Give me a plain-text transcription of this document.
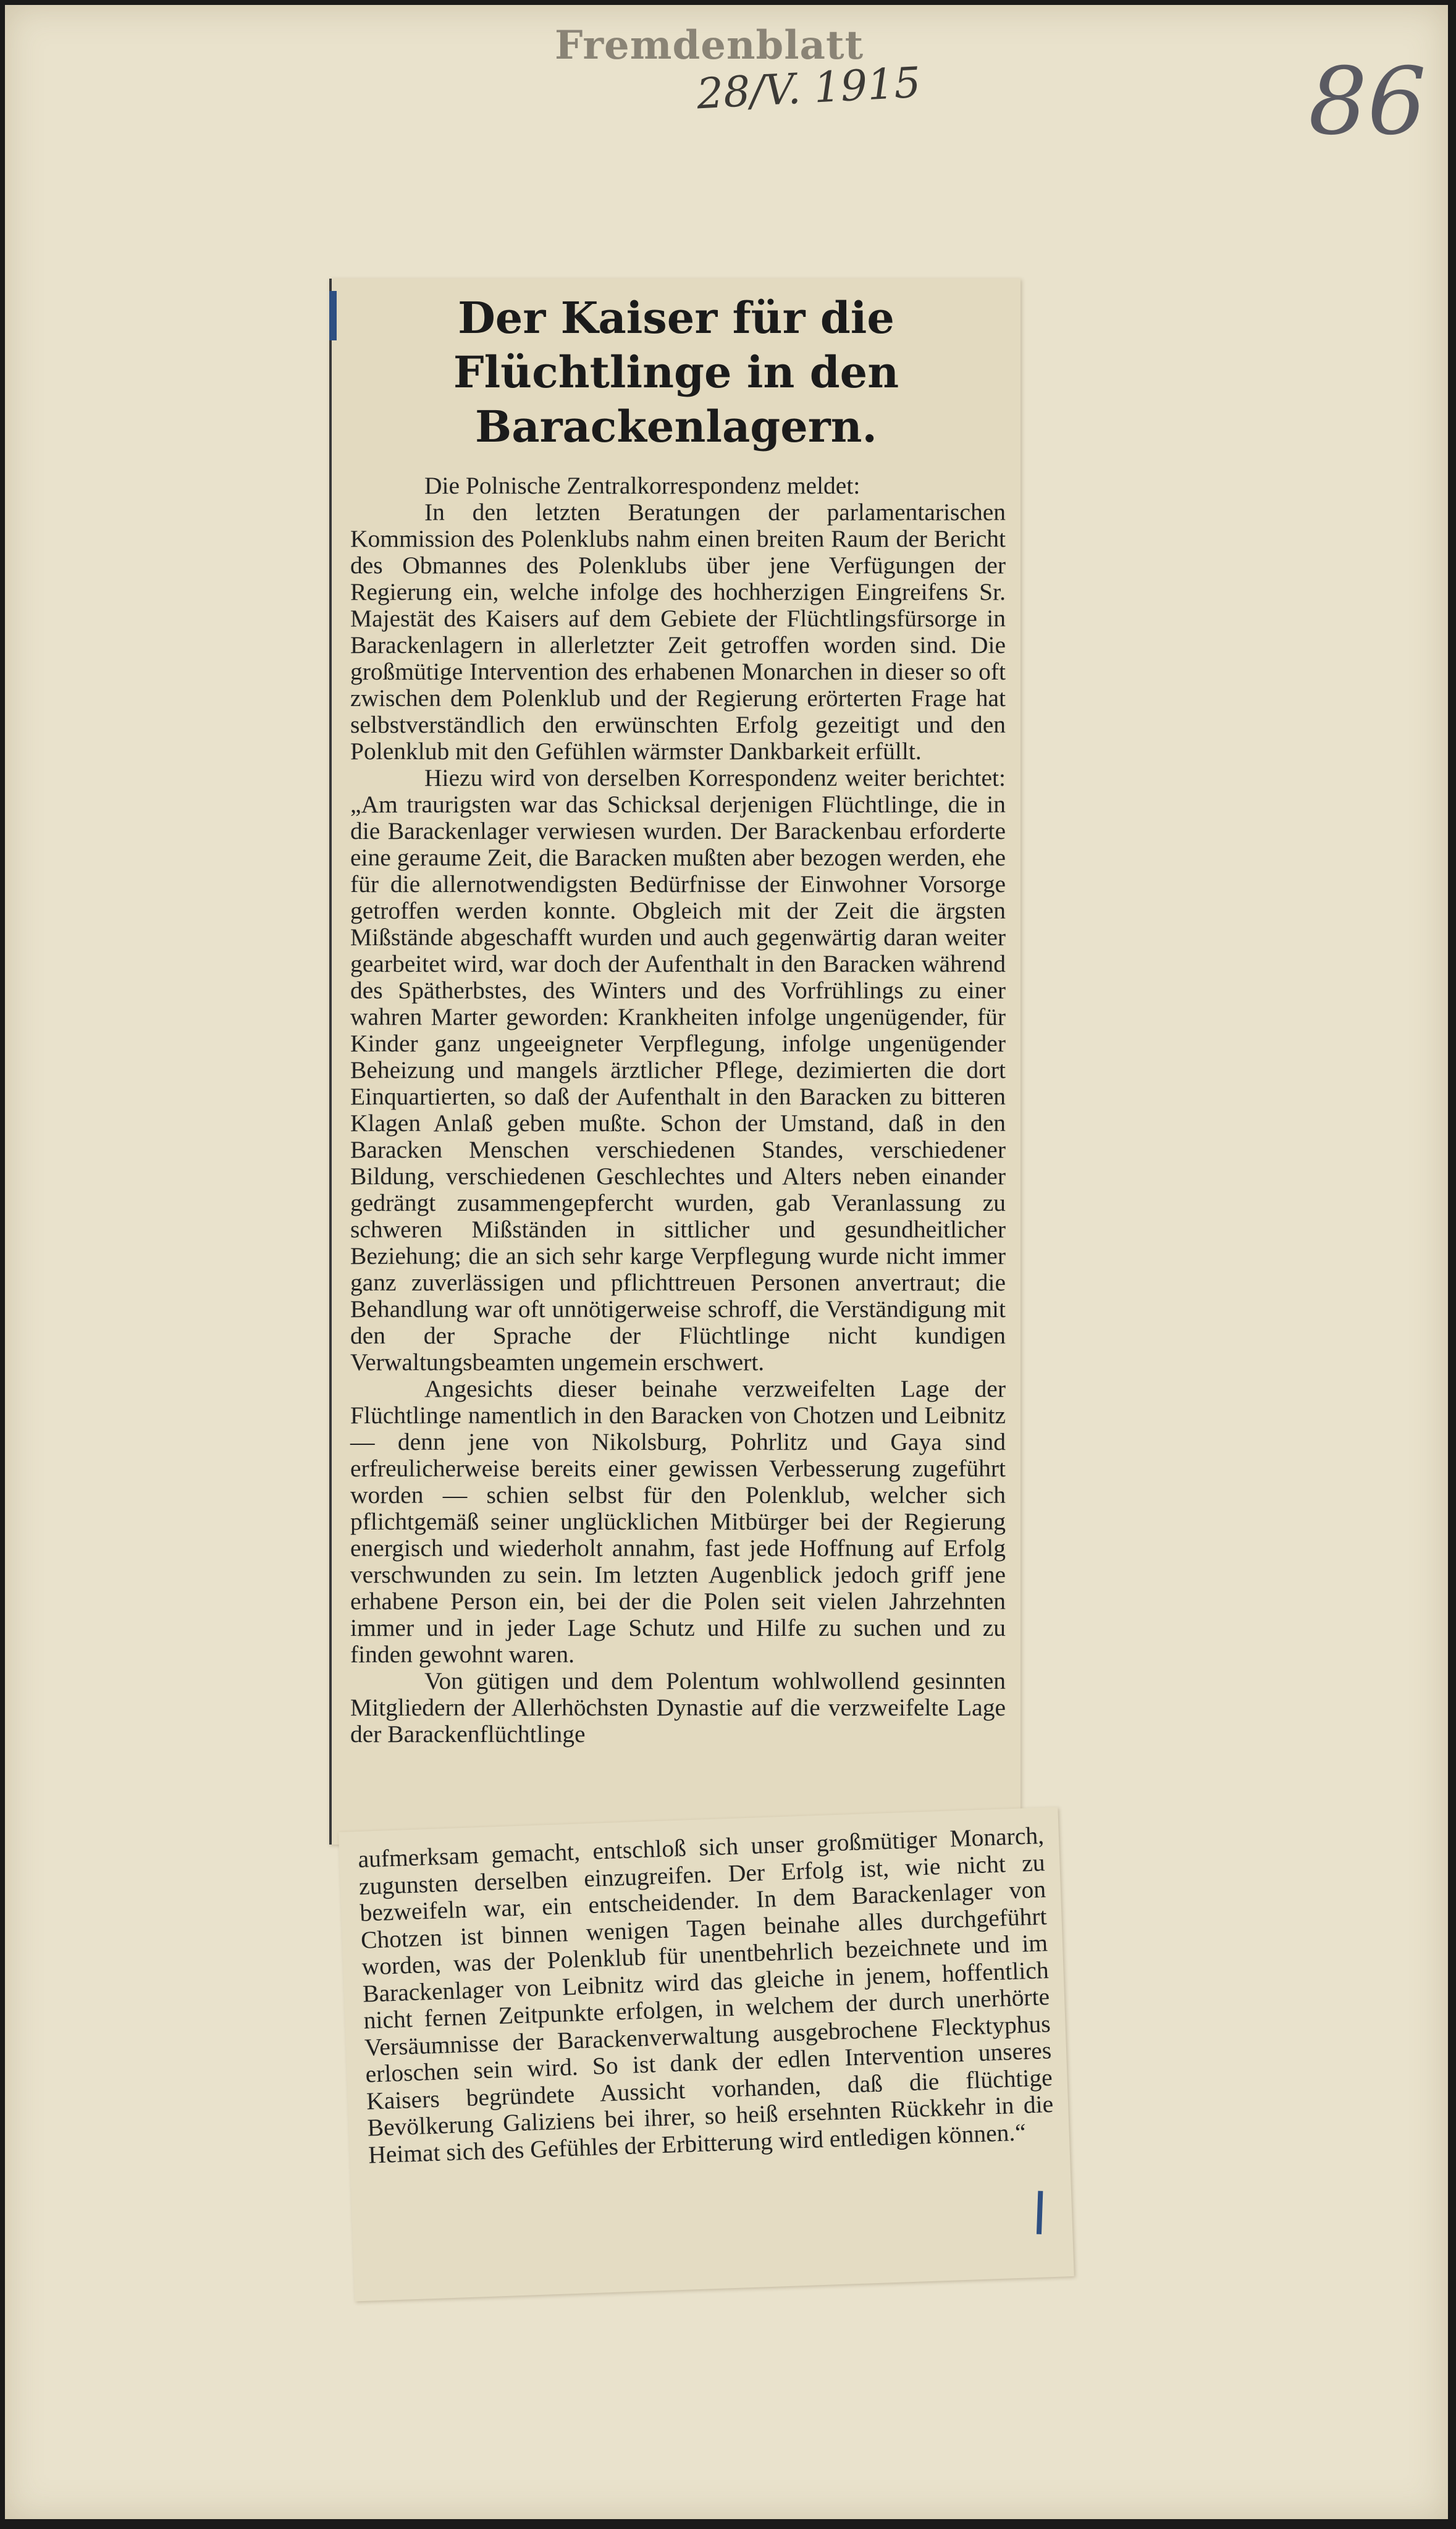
Fremdenblatt
28/V. 1915	86
Der Kaiser für die Flüchtlinge in den Barackenlagern.

Die Polnische Zentralkorrespondenz meldet:

In den letzten Beratungen der parlamentarischen Kommission des Polenklubs nahm einen breiten Raum der Bericht des Obmannes des Polenklubs über jene Verfügungen der Regierung ein, welche infolge des hochherzigen Eingreifens Sr. Majestät des Kaisers auf dem Gebiete der Flüchtlingsfürsorge in Barackenlagern in allerletzter Zeit getroffen worden sind. Die großmütige Intervention des erhabenen Monarchen in dieser so oft zwischen dem Polenklub und der Regierung erörterten Frage hat selbstverständlich den erwünschten Erfolg gezeitigt und den Polenklub mit den Gefühlen wärmster Dankbarkeit erfüllt.

Hiezu wird von derselben Korrespondenz weiter berichtet: „Am traurigsten war das Schicksal derjenigen Flüchtlinge, die in die Barackenlager verwiesen wurden. Der Barackenbau erforderte eine geraume Zeit, die Baracken mußten aber bezogen werden, ehe für die allernotwendigsten Bedürfnisse der Einwohner Vorsorge getroffen werden konnte. Obgleich mit der Zeit die ärgsten Mißstände abgeschafft wurden und auch gegenwärtig daran weiter gearbeitet wird, war doch der Aufenthalt in den Baracken während des Spätherbstes, des Winters und des Vorfrühlings zu einer wahren Marter geworden: Krankheiten infolge ungenügender, für Kinder ganz ungeeigneter Verpflegung, infolge ungenügender Beheizung und mangels ärztlicher Pflege, dezimierten die dort Einquartierten, so daß der Aufenthalt in den Baracken zu bitteren Klagen Anlaß geben mußte. Schon der Umstand, daß in den Baracken Menschen verschiedenen Standes, verschiedener Bildung, verschiedenen Geschlechtes und Alters neben einander gedrängt zusammengepfercht wurden, gab Veranlassung zu schweren Mißständen in sittlicher und gesundheitlicher Beziehung; die an sich sehr karge Verpflegung wurde nicht immer ganz zuverlässigen und pflichttreuen Personen anvertraut; die Behandlung war oft unnötigerweise schroff, die Verständigung mit den der Sprache der Flüchtlinge nicht kundigen Verwaltungsbeamten ungemein erschwert.

Angesichts dieser beinahe verzweifelten Lage der Flüchtlinge namentlich in den Baracken von Chotzen und Leibnitz — denn jene von Nikolsburg, Pohrlitz und Gaya sind erfreulicherweise bereits einer gewissen Verbesserung zugeführt worden — schien selbst für den Polenklub, welcher sich pflichtgemäß seiner unglücklichen Mitbürger bei der Regierung energisch und wiederholt annahm, fast jede Hoffnung auf Erfolg verschwunden zu sein. Im letzten Augenblick jedoch griff jene erhabene Person ein, bei der die Polen seit vielen Jahrzehnten immer und in jeder Lage Schutz und Hilfe zu suchen und zu finden gewohnt waren.

Von gütigen und dem Polentum wohlwollend gesinnten Mitgliedern der Allerhöchsten Dynastie auf die verzweifelte Lage der Barackenflüchtlinge

aufmerksam gemacht, entschloß sich unser großmütiger Monarch, zugunsten derselben einzugreifen. Der Erfolg ist, wie nicht zu bezweifeln war, ein entscheidender. In dem Barackenlager von Chotzen ist binnen wenigen Tagen beinahe alles durchgeführt worden, was der Polenklub für unentbehrlich bezeichnete und im Barackenlager von Leibnitz wird das gleiche in jenem, hoffentlich nicht fernen Zeitpunkte erfolgen, in welchem der durch unerhörte Versäumnisse der Barackenverwaltung ausgebrochene Flecktyphus erloschen sein wird. So ist dank der edlen Intervention unseres Kaisers begründete Aussicht vorhanden, daß die flüchtige Bevölkerung Galiziens bei ihrer, so heiß ersehnten Rückkehr in die Heimat sich des Gefühles der Erbitterung wird entledigen können.“
